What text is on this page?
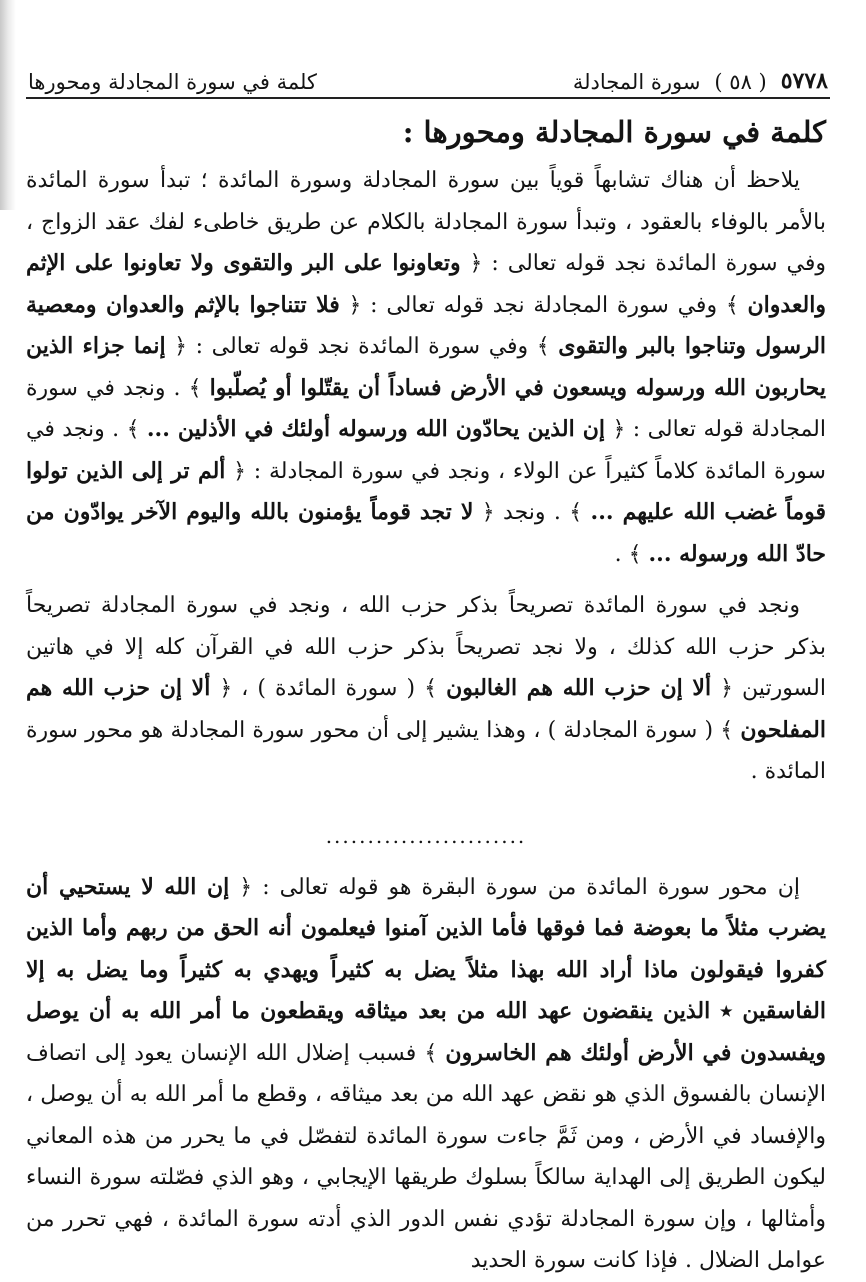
٥٧٧٨
( ٥٨ )
سورة المجادلة
كلمة في سورة المجادلة ومحورها
كلمة في سورة المجادلة ومحورها :

يلاحظ أن هناك تشابهاً قوياً بين سورة المجادلة وسورة المائدة ؛ تبدأ سورة المائدة بالأمر بالوفاء بالعقود ، وتبدأ سورة المجادلة بالكلام عن طريق خاطىء لفك عقد الزواج ، وفي سورة المائدة نجد قوله تعالى : ﴿ وتعاونوا على البر والتقوى ولا تعاونوا على الإثم والعدوان ﴾ وفي سورة المجادلة نجد قوله تعالى : ﴿ فلا تتناجوا بالإثم والعدوان ومعصية الرسول وتناجوا بالبر والتقوى ﴾ وفي سورة المائدة نجد قوله تعالى : ﴿ إنما جزاء الذين يحاربون الله ورسوله ويسعون في الأرض فساداً أن يقتّلوا أو يُصلّبوا ﴾ . ونجد في سورة المجادلة قوله تعالى : ﴿ إن الذين يحادّون الله ورسوله أولئك في الأذلين ... ﴾ . ونجد في سورة المائدة كلاماً كثيراً عن الولاء ، ونجد في سورة المجادلة : ﴿ ألم تر إلى الذين تولوا قوماً غضب الله عليهم ... ﴾ . ونجد ﴿ لا تجد قوماً يؤمنون بالله واليوم الآخر يوادّون من حادّ الله ورسوله ... ﴾ .

ونجد في سورة المائدة تصريحاً بذكر حزب الله ، ونجد في سورة المجادلة تصريحاً بذكر حزب الله كذلك ، ولا نجد تصريحاً بذكر حزب الله في القرآن كله إلا في هاتين السورتين ﴿ ألا إن حزب الله هم الغالبون ﴾ ( سورة المائدة ) ، ﴿ ألا إن حزب الله هم المفلحون ﴾ ( سورة المجادلة ) ، وهذا يشير إلى أن محور سورة المجادلة هو محور سورة المائدة .

........................

إن محور سورة المائدة من سورة البقرة هو قوله تعالى : ﴿ إن الله لا يستحيي أن يضرب مثلاً ما بعوضة فما فوقها فأما الذين آمنوا فيعلمون أنه الحق من ربهم وأما الذين كفروا فيقولون ماذا أراد الله بهذا مثلاً يضل به كثيراً ويهدي به كثيراً وما يضل به إلا الفاسقين ٭ الذين ينقضون عهد الله من بعد ميثاقه ويقطعون ما أمر الله به أن يوصل ويفسدون في الأرض أولئك هم الخاسرون ﴾ فسبب إضلال الله الإنسان يعود إلى اتصاف الإنسان بالفسوق الذي هو نقض عهد الله من بعد ميثاقه ، وقطع ما أمر الله به أن يوصل ، والإفساد في الأرض ، ومن ثَمَّ جاءت سورة المائدة لتفصّل في ما يحرر من هذه المعاني ليكون الطريق إلى الهداية سالكاً بسلوك طريقها الإيجابي ، وهو الذي فصّلته سورة النساء وأمثالها ، وإن سورة المجادلة تؤدي نفس الدور الذي أدته سورة المائدة ، فهي تحرر من عوامل الضلال . فإذا كانت سورة الحديد
